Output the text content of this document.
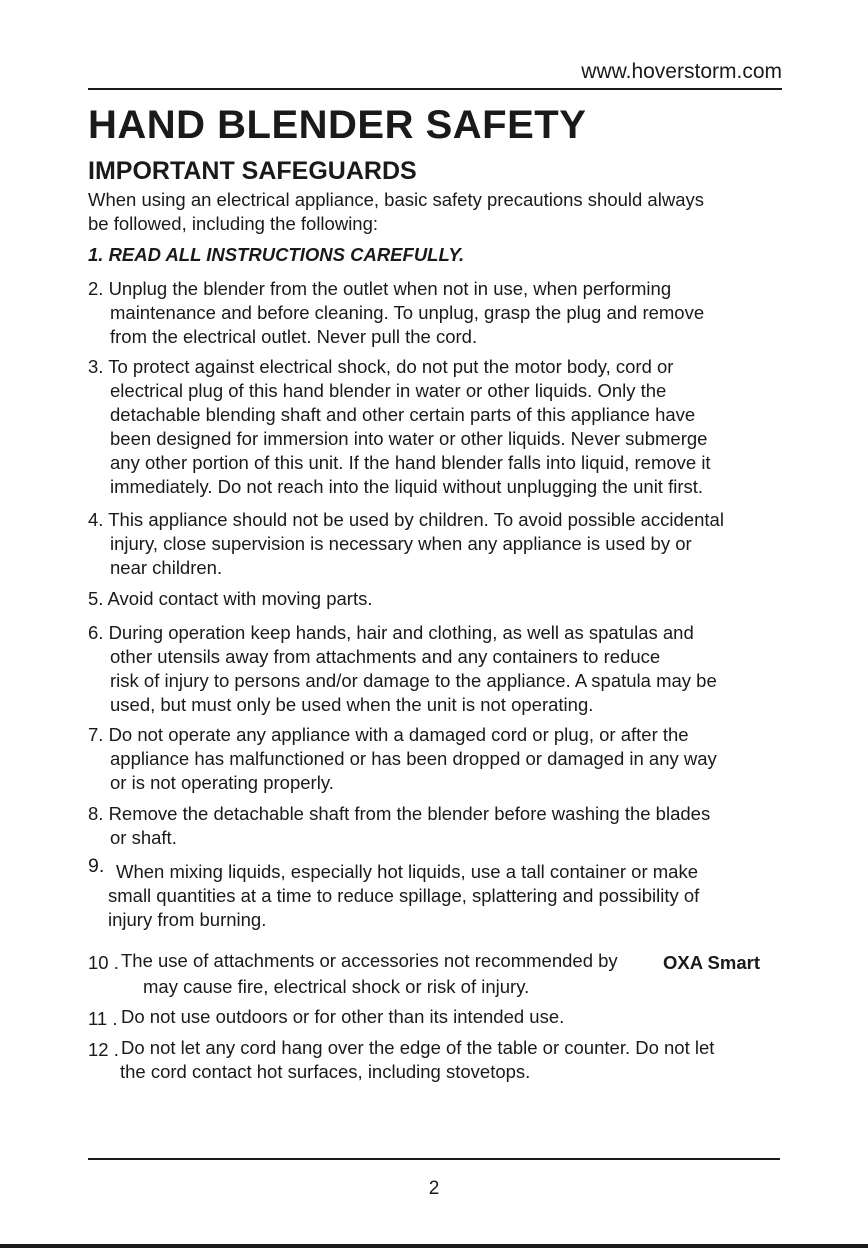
www.hoverstorm.com
HAND BLENDER SAFETY
IMPORTANT SAFEGUARDS
When using an electrical appliance, basic safety precautions should always
be followed, including the following:
1. READ ALL INSTRUCTIONS CAREFULLY.
2. Unplug the blender from the outlet when not in use, when performing
maintenance and before cleaning. To unplug, grasp the plug and remove
from the electrical outlet. Never pull the cord.
3. To protect against electrical shock, do not put the motor body, cord or
electrical plug of this hand blender in water or other liquids. Only the
detachable blending shaft and other certain parts of this appliance have
been designed for immersion into water or other liquids. Never submerge
any other portion of this unit. If the hand blender falls into liquid, remove it
immediately. Do not reach into the liquid without unplugging the unit first.
4. This appliance should not be used by children. To avoid possible accidental
injury, close supervision is necessary when any appliance is used by or
near children.
5. Avoid contact with moving parts.
6. During operation keep hands, hair and clothing, as well as spatulas and
other utensils away from attachments and any containers to reduce
risk of injury to persons and/or damage to the appliance. A spatula may be
used, but must only be used when the unit is not operating.
7. Do not operate any appliance with a damaged cord or plug, or after the
appliance has malfunctioned or has been dropped or damaged in any way
or is not operating properly.
8. Remove the detachable shaft from the blender before washing the blades
or shaft.
9. When mixing liquids, especially hot liquids, use a tall container or make
small quantities at a time to reduce spillage, splattering and possibility of
injury from burning.
10 . The use of attachments or accessories not recommended by OXA Smart
may cause fire, electrical shock or risk of injury.
11 . Do not use outdoors or for other than its intended use.
12 . Do not let any cord hang over the edge of the table or counter. Do not let
the cord contact hot surfaces, including stovetops.
2
